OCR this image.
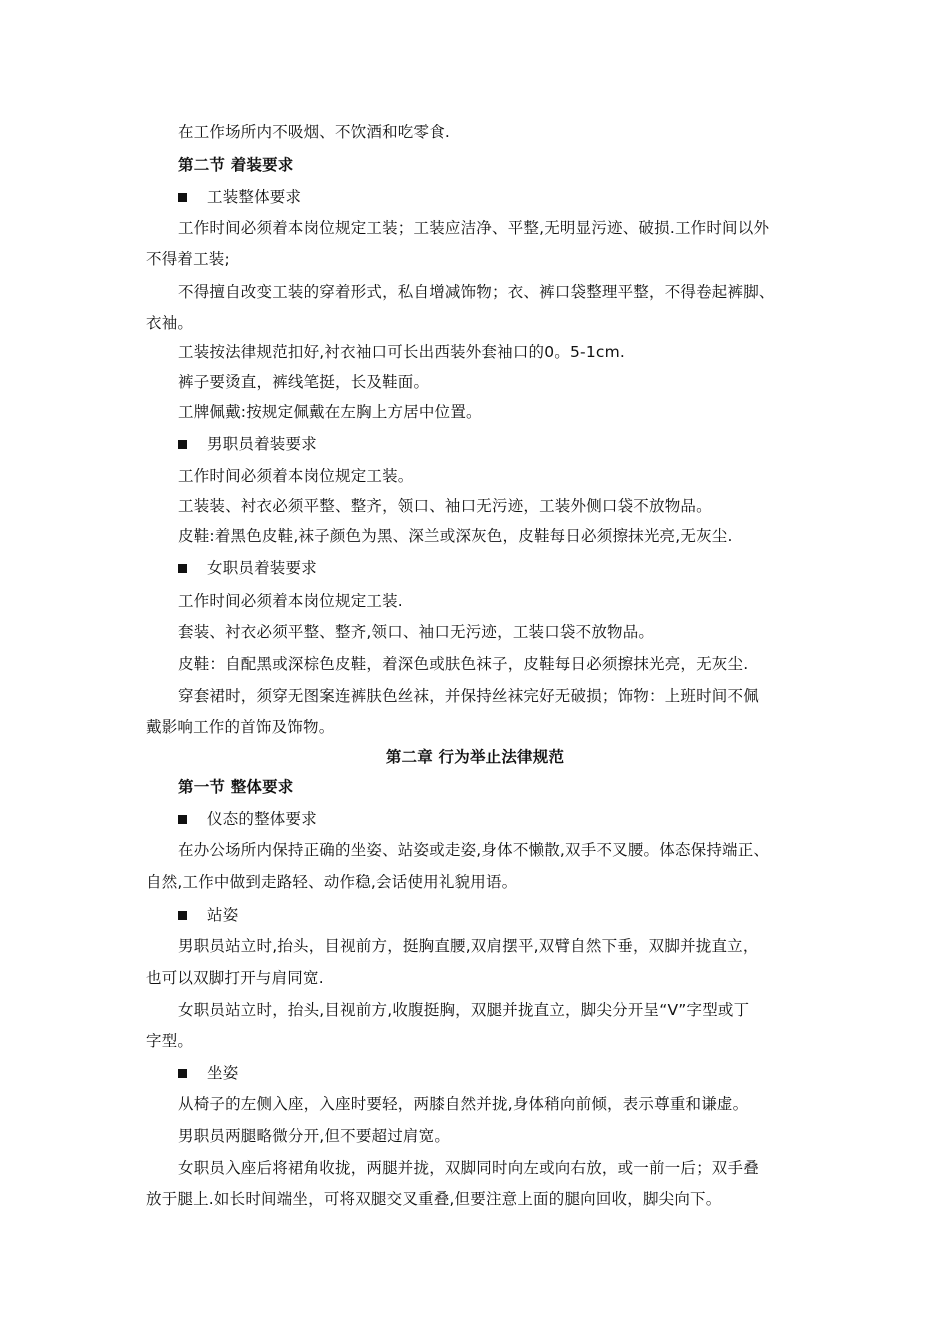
在工作场所内不吸烟、不饮酒和吃零食.
第二节 着装要求
工装整体要求
工作时间必须着本岗位规定工装；工装应洁净、平整,无明显污迹、破损.工作时间以外
不得着工装;
不得擅自改变工装的穿着形式，私自增减饰物；衣、裤口袋整理平整，不得卷起裤脚、
衣袖。
工装按法律规范扣好,衬衣袖口可长出西装外套袖口的0。5-1cm.
裤子要烫直，裤线笔挺，长及鞋面。
工牌佩戴:按规定佩戴在左胸上方居中位置。
男职员着装要求
工作时间必须着本岗位规定工装。
工装装、衬衣必须平整、整齐，领口、袖口无污迹，工装外侧口袋不放物品。
皮鞋:着黑色皮鞋,袜子颜色为黑、深兰或深灰色，皮鞋每日必须擦抹光亮,无灰尘.
女职员着装要求
工作时间必须着本岗位规定工装.
套装、衬衣必须平整、整齐,领口、袖口无污迹，工装口袋不放物品。
皮鞋：自配黑或深棕色皮鞋，着深色或肤色袜子，皮鞋每日必须擦抹光亮，无灰尘.
穿套裙时，须穿无图案连裤肤色丝袜，并保持丝袜完好无破损；饰物：上班时间不佩
戴影响工作的首饰及饰物。
第二章 行为举止法律规范
第一节 整体要求
仪态的整体要求
在办公场所内保持正确的坐姿、站姿或走姿,身体不懒散,双手不叉腰。体态保持端正、
自然,工作中做到走路轻、动作稳,会话使用礼貌用语。
站姿
男职员站立时,抬头，目视前方，挺胸直腰,双肩摆平,双臂自然下垂，双脚并拢直立，
也可以双脚打开与肩同宽.
女职员站立时，抬头,目视前方,收腹挺胸，双腿并拢直立，脚尖分开呈“V”字型或丁
字型。
坐姿
从椅子的左侧入座，入座时要轻，两膝自然并拢,身体稍向前倾，表示尊重和谦虚。
男职员两腿略微分开,但不要超过肩宽。
女职员入座后将裙角收拢，两腿并拢，双脚同时向左或向右放，或一前一后；双手叠
放于腿上.如长时间端坐，可将双腿交叉重叠,但要注意上面的腿向回收，脚尖向下。
